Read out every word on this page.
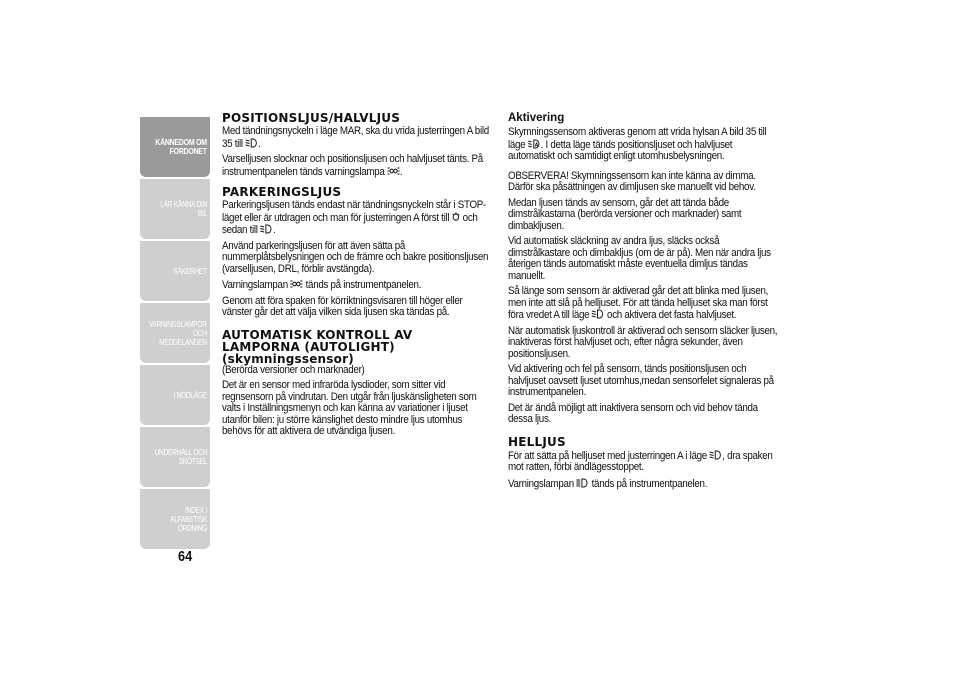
KÄNNEDOM OM
FORDONET
LÄR KÄNNA DIN BIL
SÄKERHET
VARNINGSLAMPOR
OCH MEDDELANDEN
I NÖDLÄGE
UNDERHÅLL OCH
SKÖTSEL
INDEX I ALFABETISK
ORDNING
64
POSITIONSLJUS/HALVLJUS
Med tändningsnyckeln i läge MAR, ska du vrida justerringen A bild 35 till .
Varselljusen slocknar och positionsljusen och halvljuset tänts. På instrumentpanelen tänds varningslampa .
PARKERINGSLJUS
Parkeringsljusen tänds endast när tändningsnyckeln står i STOP-läget eller är utdragen och man för justerringen A först till och sedan till .
Använd parkeringsljusen för att även sätta på nummerplåtsbelysningen och de främre och bakre positionsljusen (varselljusen, DRL, förblir avstängda).
Varningslampan tänds på instrumentpanelen.
Genom att föra spaken för körriktningsvisaren till höger eller vänster går det att välja vilken sida ljusen ska tändas på.
AUTOMATISK KONTROLL AV
LAMPORNA (AUTOLIGHT)
(skymningssensor)
(Berörda versioner och marknader)
Det är en sensor med infraröda lysdioder, som sitter vid regnsensorn på vindrutan. Den utgår från ljuskänsligheten som valts i Inställningsmenyn och kan känna av variationer i ljuset utanför bilen: ju större känslighet desto mindre ljus utomhus behövs för att aktivera de utvändiga ljusen.
Aktivering
Skymningssensorn aktiveras genom att vrida hylsan A bild 35 till läge . I detta läge tänds positionsljuset och halvljuset automatiskt och samtidigt enligt utomhusbelysningen.
OBSERVERA! Skymningssensorn kan inte känna av dimma. Därför ska påsättningen av dimljusen ske manuellt vid behov.
Medan ljusen tänds av sensorn, går det att tända både dimstrålkastarna (berörda versioner och marknader) samt dimbakljusen.
Vid automatisk släckning av andra ljus, släcks också dimstrålkastare och dimbakljus (om de är på). Men när andra ljus återigen tänds automatiskt måste eventuella dimljus tändas manuellt.
Så länge som sensorn är aktiverad går det att blinka med ljusen, men inte att slå på helljuset. För att tända helljuset ska man först föra vredet A till läge och aktivera det fasta halvljuset.
När automatisk ljuskontroll är aktiverad och sensorn släcker ljusen, inaktiveras först halvljuset och, efter några sekunder, även positionsljusen.
Vid aktivering och fel på sensorn, tänds positionsljusen och halvljuset oavsett ljuset utomhus,medan sensorfelet signaleras på instrumentpanelen.
Det är ändå möjligt att inaktivera sensorn och vid behov tända dessa ljus.
HELLJUS
För att sätta på helljuset med justerringen A i läge , dra spaken mot ratten, förbi ändlägesstoppet.
Varningslampan tänds på instrumentpanelen.
